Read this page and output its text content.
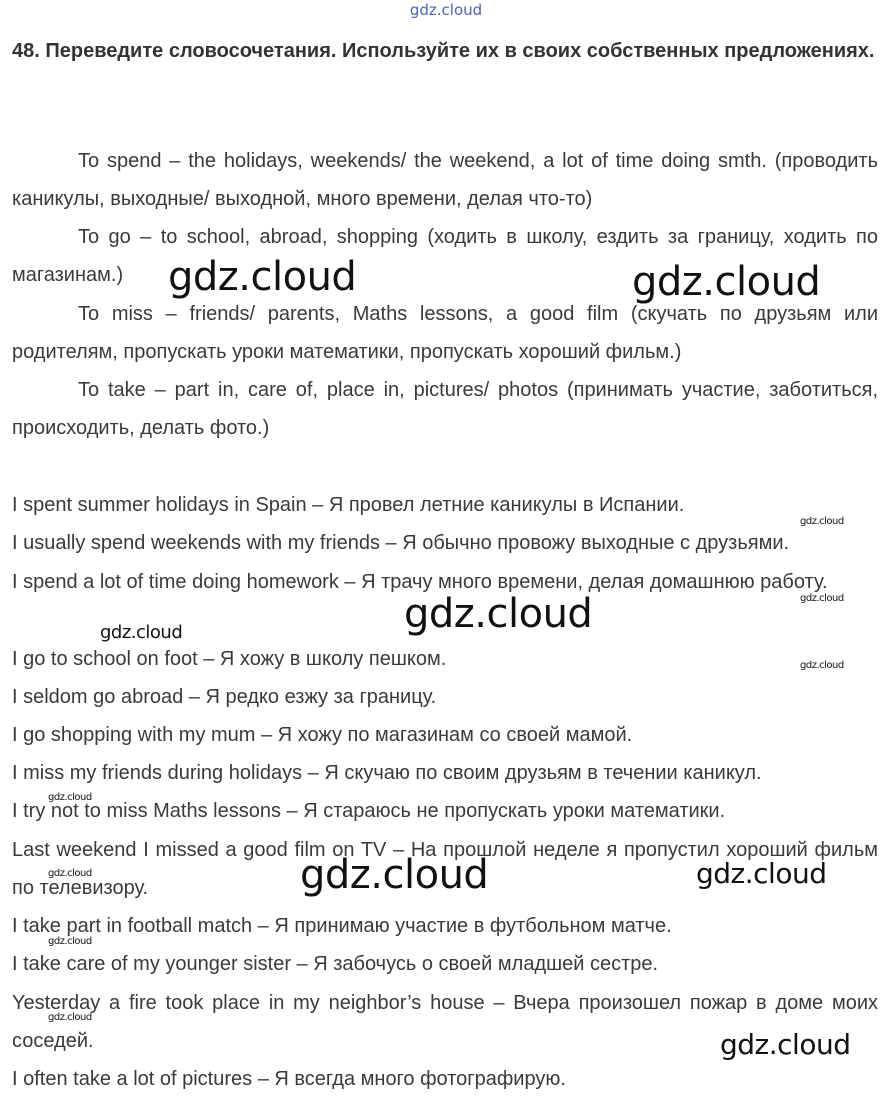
gdz.cloud
48. Переведите словосочетания. Используйте их в своих собственных предложениях.
To spend – the holidays, weekends/ the weekend, a lot of time doing smth. (проводить каникулы, выходные/ выходной, много времени, делая что-то)
To go – to school, abroad, shopping (ходить в школу, ездить за границу, ходить по магазинам.)
To miss – friends/ parents, Maths lessons, a good film (скучать по друзьям или родителям, пропускать уроки математики, пропускать хороший фильм.)
To take – part in, care of, place in, pictures/ photos (принимать участие, заботиться, происходить, делать фото.)
I spent summer holidays in Spain – Я провел летние каникулы в Испании.
I usually spend weekends with my friends – Я обычно провожу выходные с друзьями.
I spend a lot of time doing homework – Я трачу много времени, делая домашнюю работу.
I go to school on foot – Я хожу в школу пешком.
I seldom go abroad – Я редко езжу за границу.
I go shopping with my mum – Я хожу по магазинам со своей мамой.
I miss my friends during holidays – Я скучаю по своим друзьям в течении каникул.
I try not to miss Maths lessons – Я стараюсь не пропускать уроки математики.
Last weekend I missed a good film on TV – На прошлой неделе я пропустил хороший фильм по телевизору.
I take part in football match – Я принимаю участие в футбольном матче.
I take care of my younger sister – Я забочусь о своей младшей сестре.
Yesterday a fire took place in my neighbor’s house – Вчера произошел пожар в доме моих соседей.
I often take a lot of pictures – Я всегда много фотографирую.
gdz.cloud	gdz.cloud
gdz.cloud
gdz.cloud
gdz.cloud
gdz.cloud
gdz.cloud
gdz.cloud
gdz.cloud	gdz.cloud
gdz.cloud
gdz.cloud
gdz.cloud
gdz.cloud
